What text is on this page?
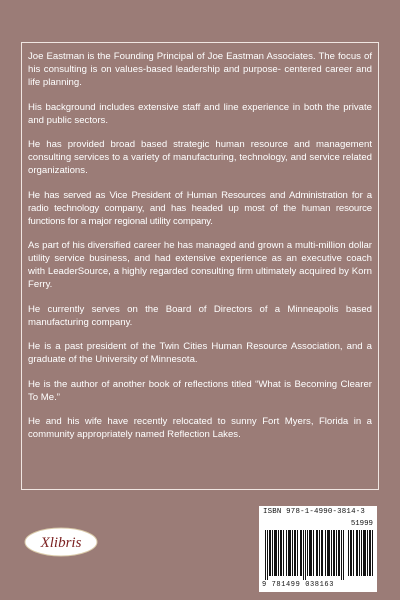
Joe Eastman is the Founding Principal of Joe Eastman Associates. The focus of his consulting is on values-based leadership and purpose- centered career and life planning.

His background includes extensive staff and line experience in both the private and public sectors.

He has provided broad based strategic human resource and management consulting services to a variety of manufacturing, technology, and service related organizations.

He has served as Vice President of Human Resources and Administration for a radio technology company, and has headed up most of the human resource functions for a major regional utility company.

As part of his diversified career he has managed and grown a multi-million dollar utility service business, and had extensive experience as an executive coach with LeaderSource, a highly regarded consulting firm ultimately acquired by Korn Ferry.

He currently serves on the Board of Directors of a Minneapolis based manufacturing company.

He is a past president of the Twin Cities Human Resource Association, and a graduate of the University of Minnesota.

He is the author of another book of reflections titled “What is Becoming Clearer To Me.”

He and his wife have recently relocated to sunny Fort Myers, Florida in a community appropriately named Reflection Lakes.

Xlibris
ISBN 978-1-4990-3814-3
51999
9 781499 038163
